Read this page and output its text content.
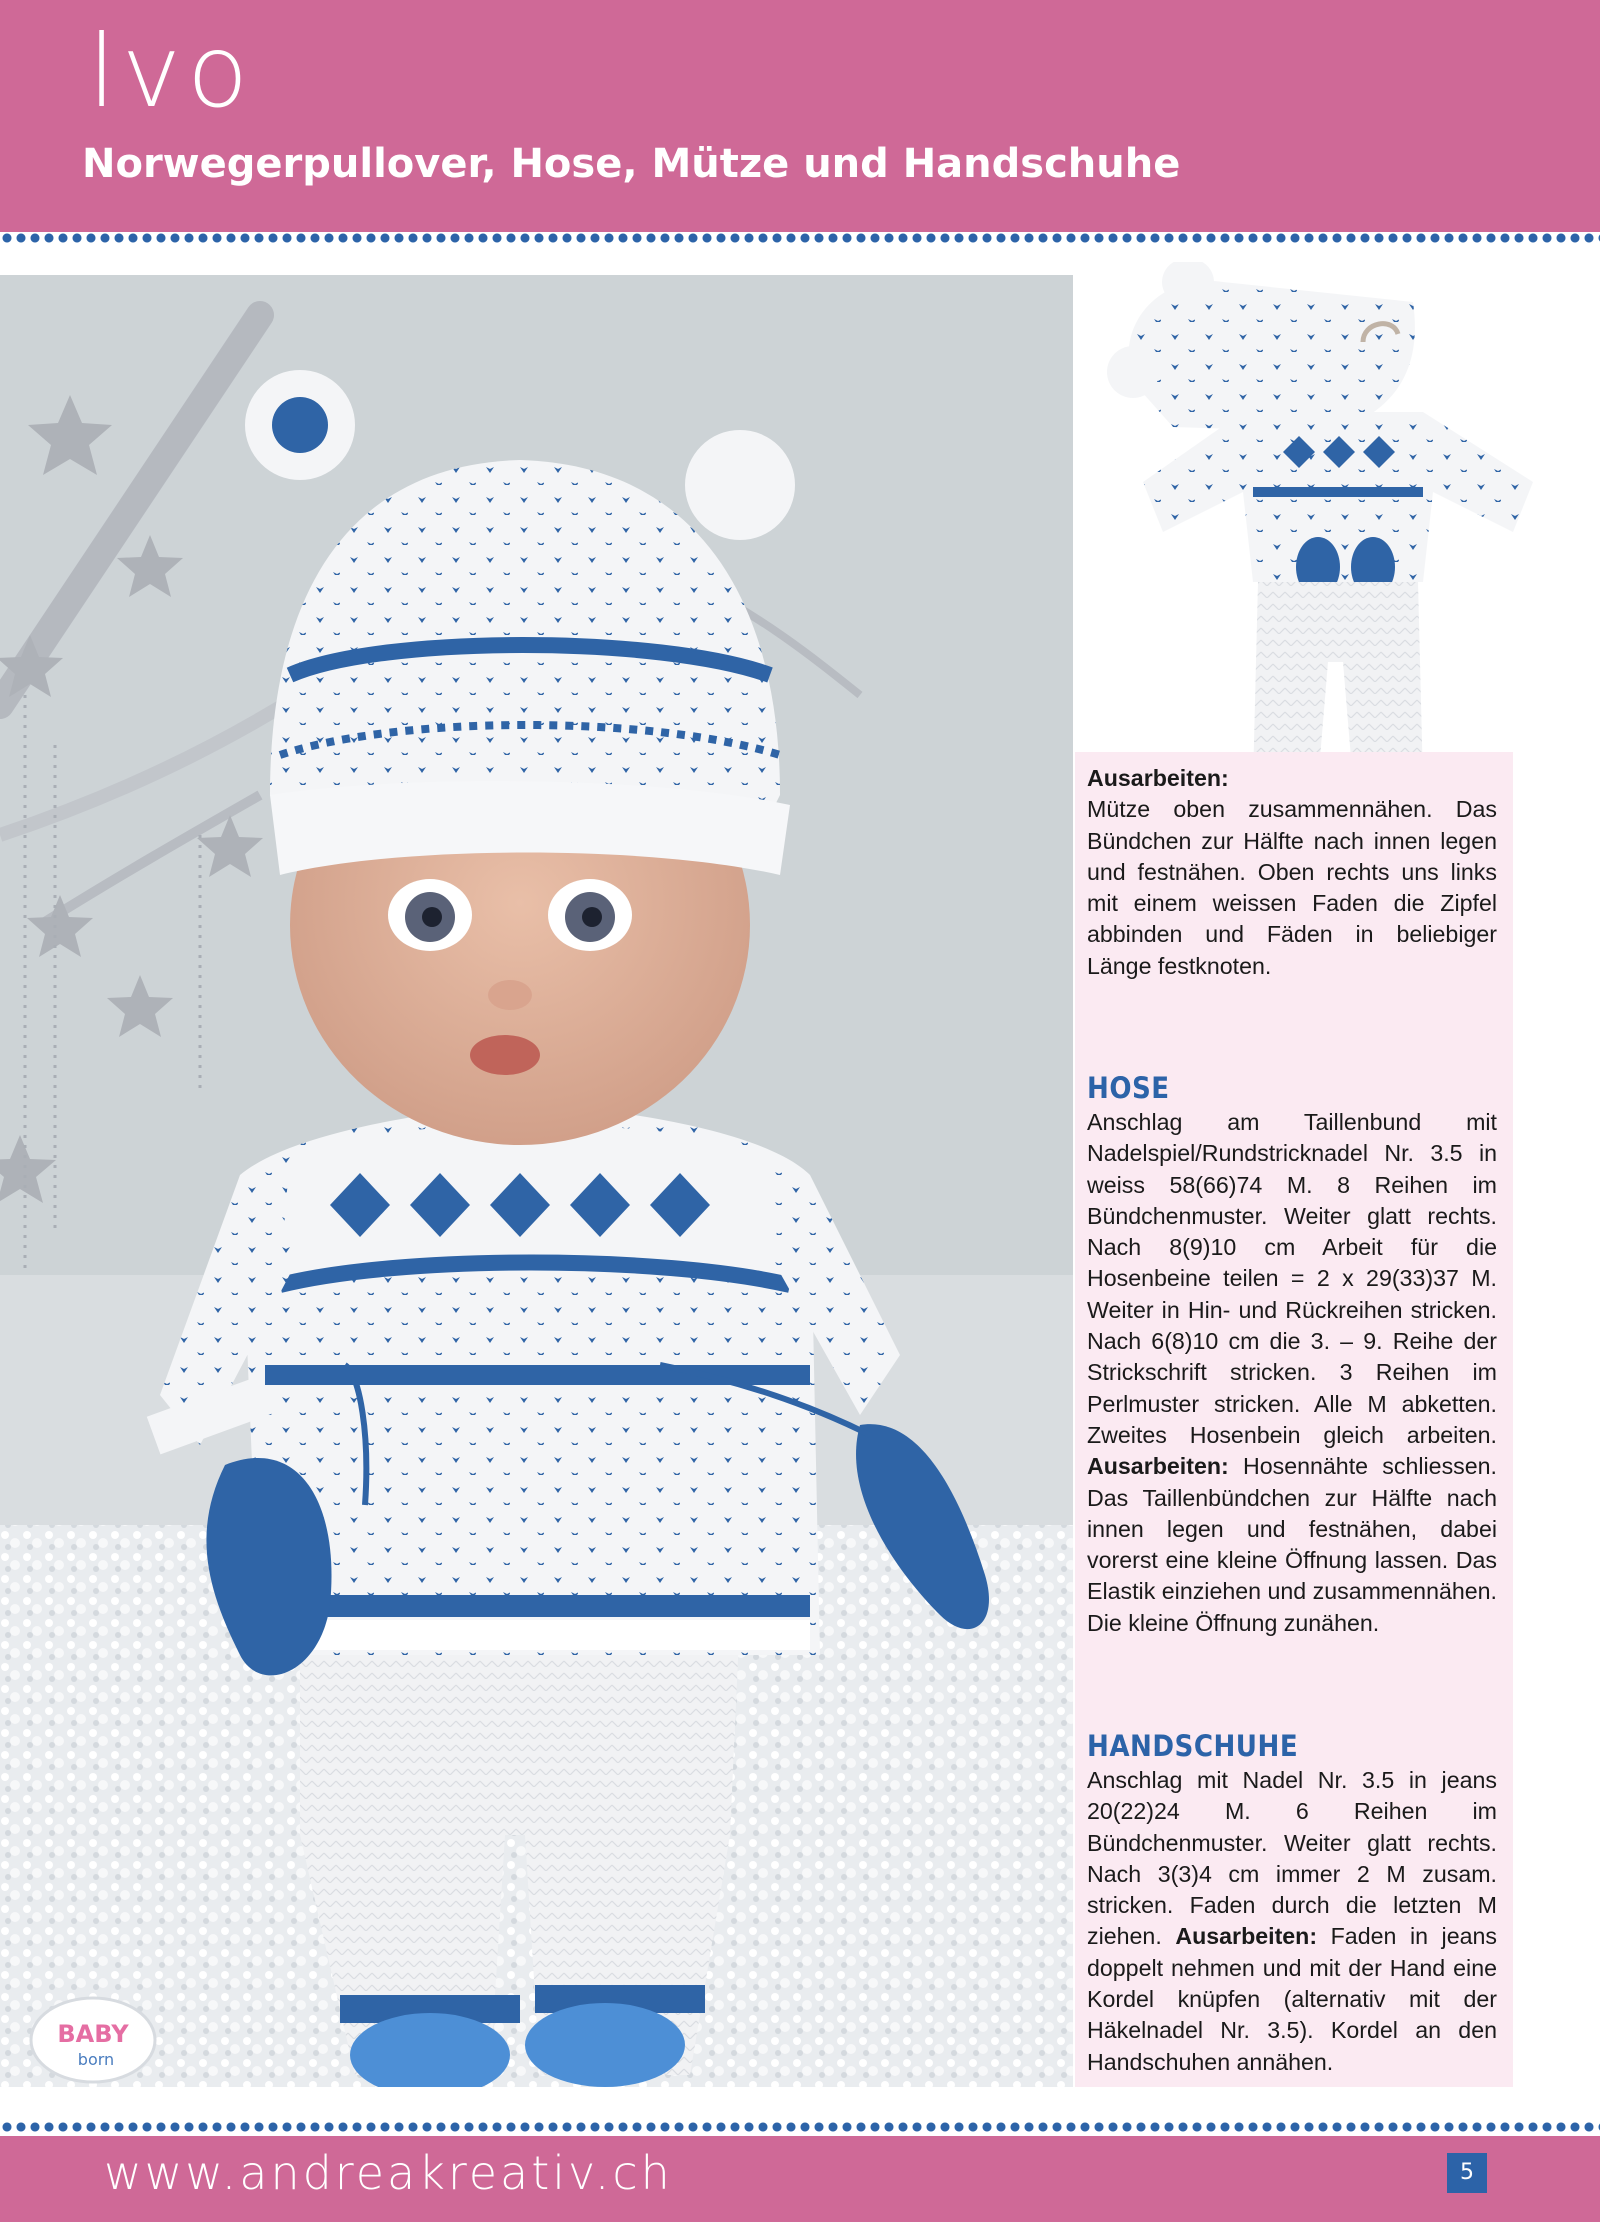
lvo
Norwegerpullover, Hose, Mütze und Handschuhe
BABY
born
Ausarbeiten:
Mütze oben zusammennähen. Das Bündchen zur Hälfte nach innen legen und festnähen. Oben rechts uns links mit einem weissen Faden die Zipfel abbinden und Fäden in beliebiger Länge festknoten.
HOSE
Anschlag am Taillenbund mit Nadelspiel/Rundstricknadel Nr. 3.5 in weiss 58(66)74 M. 8 Reihen im Bündchenmuster. Weiter glatt rechts. Nach 8(9)10 cm Arbeit für die Hosenbeine teilen = 2 x 29(33)37 M. Weiter in Hin- und Rückreihen stricken. Nach 6(8)10 cm die 3. – 9. Reihe der Strickschrift stricken. 3 Reihen im Perlmuster stricken. Alle M abketten. Zweites Hosenbein gleich arbeiten. Ausarbeiten: Hosennähte schliessen. Das Taillenbündchen zur Hälfte nach innen legen und festnähen, dabei vorerst eine kleine Öffnung lassen. Das Elastik einziehen und zusammennähen. Die kleine Öffnung zunähen.
HANDSCHUHE
Anschlag mit Nadel Nr. 3.5 in jeans 20(22)24 M. 6 Reihen im Bündchenmuster. Weiter glatt rechts. Nach 3(3)4 cm immer 2 M zusam. stricken. Faden durch die letzten M ziehen. Ausarbeiten: Faden in jeans doppelt nehmen und mit der Hand eine Kordel knüpfen (alternativ mit der Häkelnadel Nr. 3.5). Kordel an den Handschuhen annähen.
www.andreakreativ.ch	5
